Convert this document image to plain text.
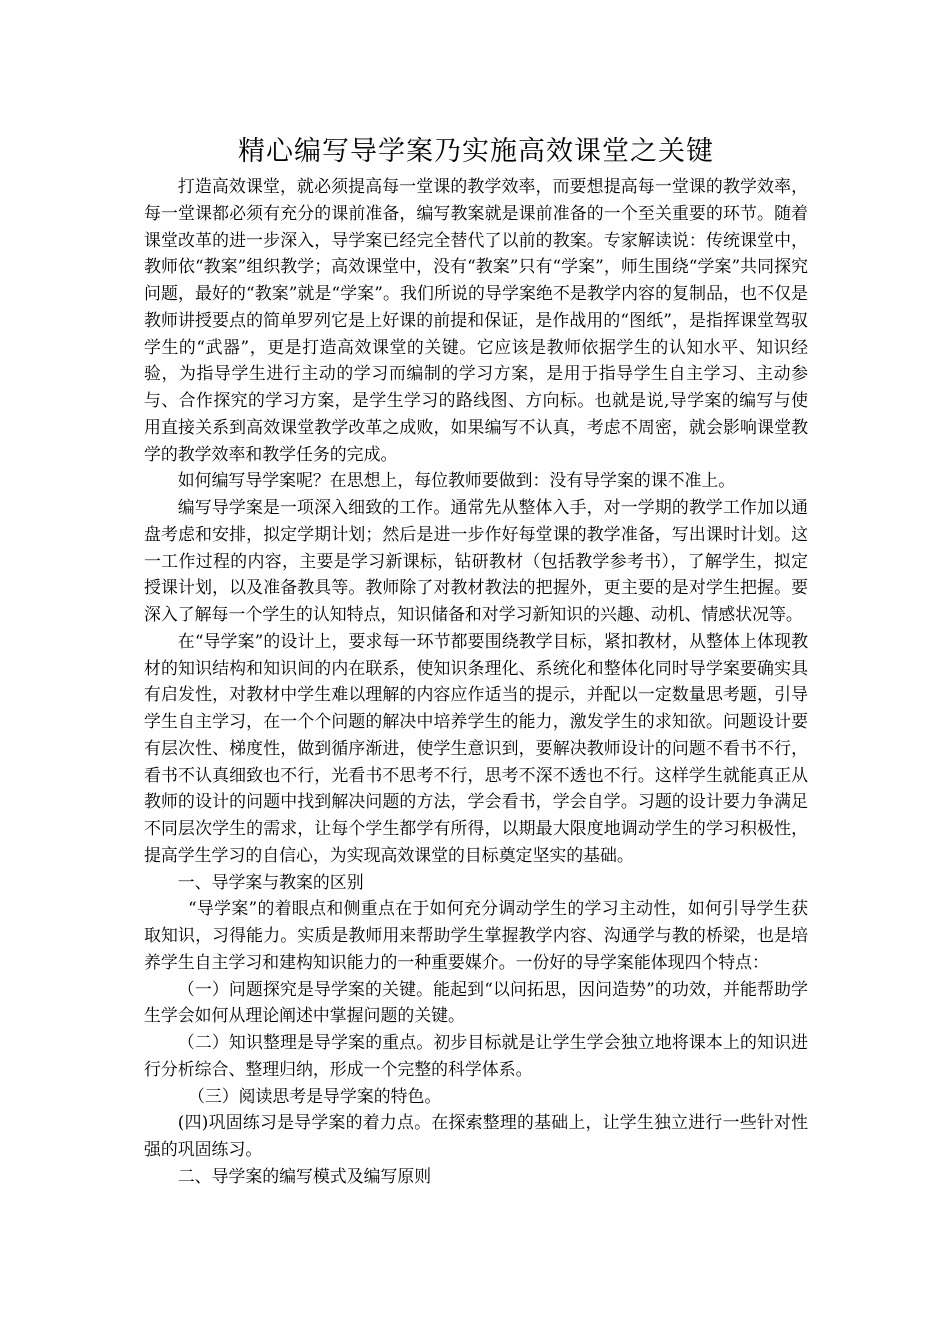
精心编写导学案乃实施高效课堂之关键

打造高效课堂，就必须提高每一堂课的教学效率，而要想提高每一堂课的教学效率，每一堂课都必须有充分的课前准备，编写教案就是课前准备的一个至关重要的环节。随着课堂改革的进一步深入，导学案已经完全替代了以前的教案。专家解读说：传统课堂中，教师依“教案”组织教学；高效课堂中，没有“教案”只有“学案”，师生围绕“学案”共同探究问题，最好的“教案”就是“学案”。我们所说的导学案绝不是教学内容的复制品，也不仅是教师讲授要点的简单罗列它是上好课的前提和保证，是作战用的“图纸”，是指挥课堂驾驭学生的“武器”，更是打造高效课堂的关键。它应该是教师依据学生的认知水平、知识经验，为指导学生进行主动的学习而编制的学习方案，是用于指导学生自主学习、主动参与、合作探究的学习方案，是学生学习的路线图、方向标。也就是说,导学案的编写与使用直接关系到高效课堂教学改革之成败，如果编写不认真，考虑不周密，就会影响课堂教学的教学效率和教学任务的完成。

如何编写导学案呢？在思想上，每位教师要做到：没有导学案的课不准上。

编写导学案是一项深入细致的工作。通常先从整体入手，对一学期的教学工作加以通盘考虑和安排，拟定学期计划；然后是进一步作好每堂课的教学准备，写出课时计划。这一工作过程的内容，主要是学习新课标，钻研教材（包括教学参考书），了解学生，拟定授课计划，以及准备教具等。教师除了对教材教法的把握外，更主要的是对学生把握。要深入了解每一个学生的认知特点，知识储备和对学习新知识的兴趣、动机、情感状况等。

在“导学案”的设计上，要求每一环节都要围绕教学目标，紧扣教材，从整体上体现教材的知识结构和知识间的内在联系，使知识条理化、系统化和整体化同时导学案要确实具有启发性，对教材中学生难以理解的内容应作适当的提示，并配以一定数量思考题，引导学生自主学习，在一个个问题的解决中培养学生的能力，激发学生的求知欲。问题设计要有层次性、梯度性，做到循序渐进，使学生意识到，要解决教师设计的问题不看书不行，看书不认真细致也不行，光看书不思考不行，思考不深不透也不行。这样学生就能真正从教师的设计的问题中找到解决问题的方法，学会看书，学会自学。习题的设计要力争满足不同层次学生的需求，让每个学生都学有所得，以期最大限度地调动学生的学习积极性，提高学生学习的自信心，为实现高效课堂的目标奠定坚实的基础。

一、导学案与教案的区别

“导学案”的着眼点和侧重点在于如何充分调动学生的学习主动性，如何引导学生获取知识，习得能力。实质是教师用来帮助学生掌握教学内容、沟通学与教的桥梁，也是培养学生自主学习和建构知识能力的一种重要媒介。一份好的导学案能体现四个特点：

（一）问题探究是导学案的关键。能起到“以问拓思，因问造势”的功效，并能帮助学生学会如何从理论阐述中掌握问题的关键。

（二）知识整理是导学案的重点。初步目标就是让学生学会独立地将课本上的知识进行分析综合、整理归纳，形成一个完整的科学体系。

（三）阅读思考是导学案的特色。

(四)巩固练习是导学案的着力点。在探索整理的基础上，让学生独立进行一些针对性强的巩固练习。

二、导学案的编写模式及编写原则
